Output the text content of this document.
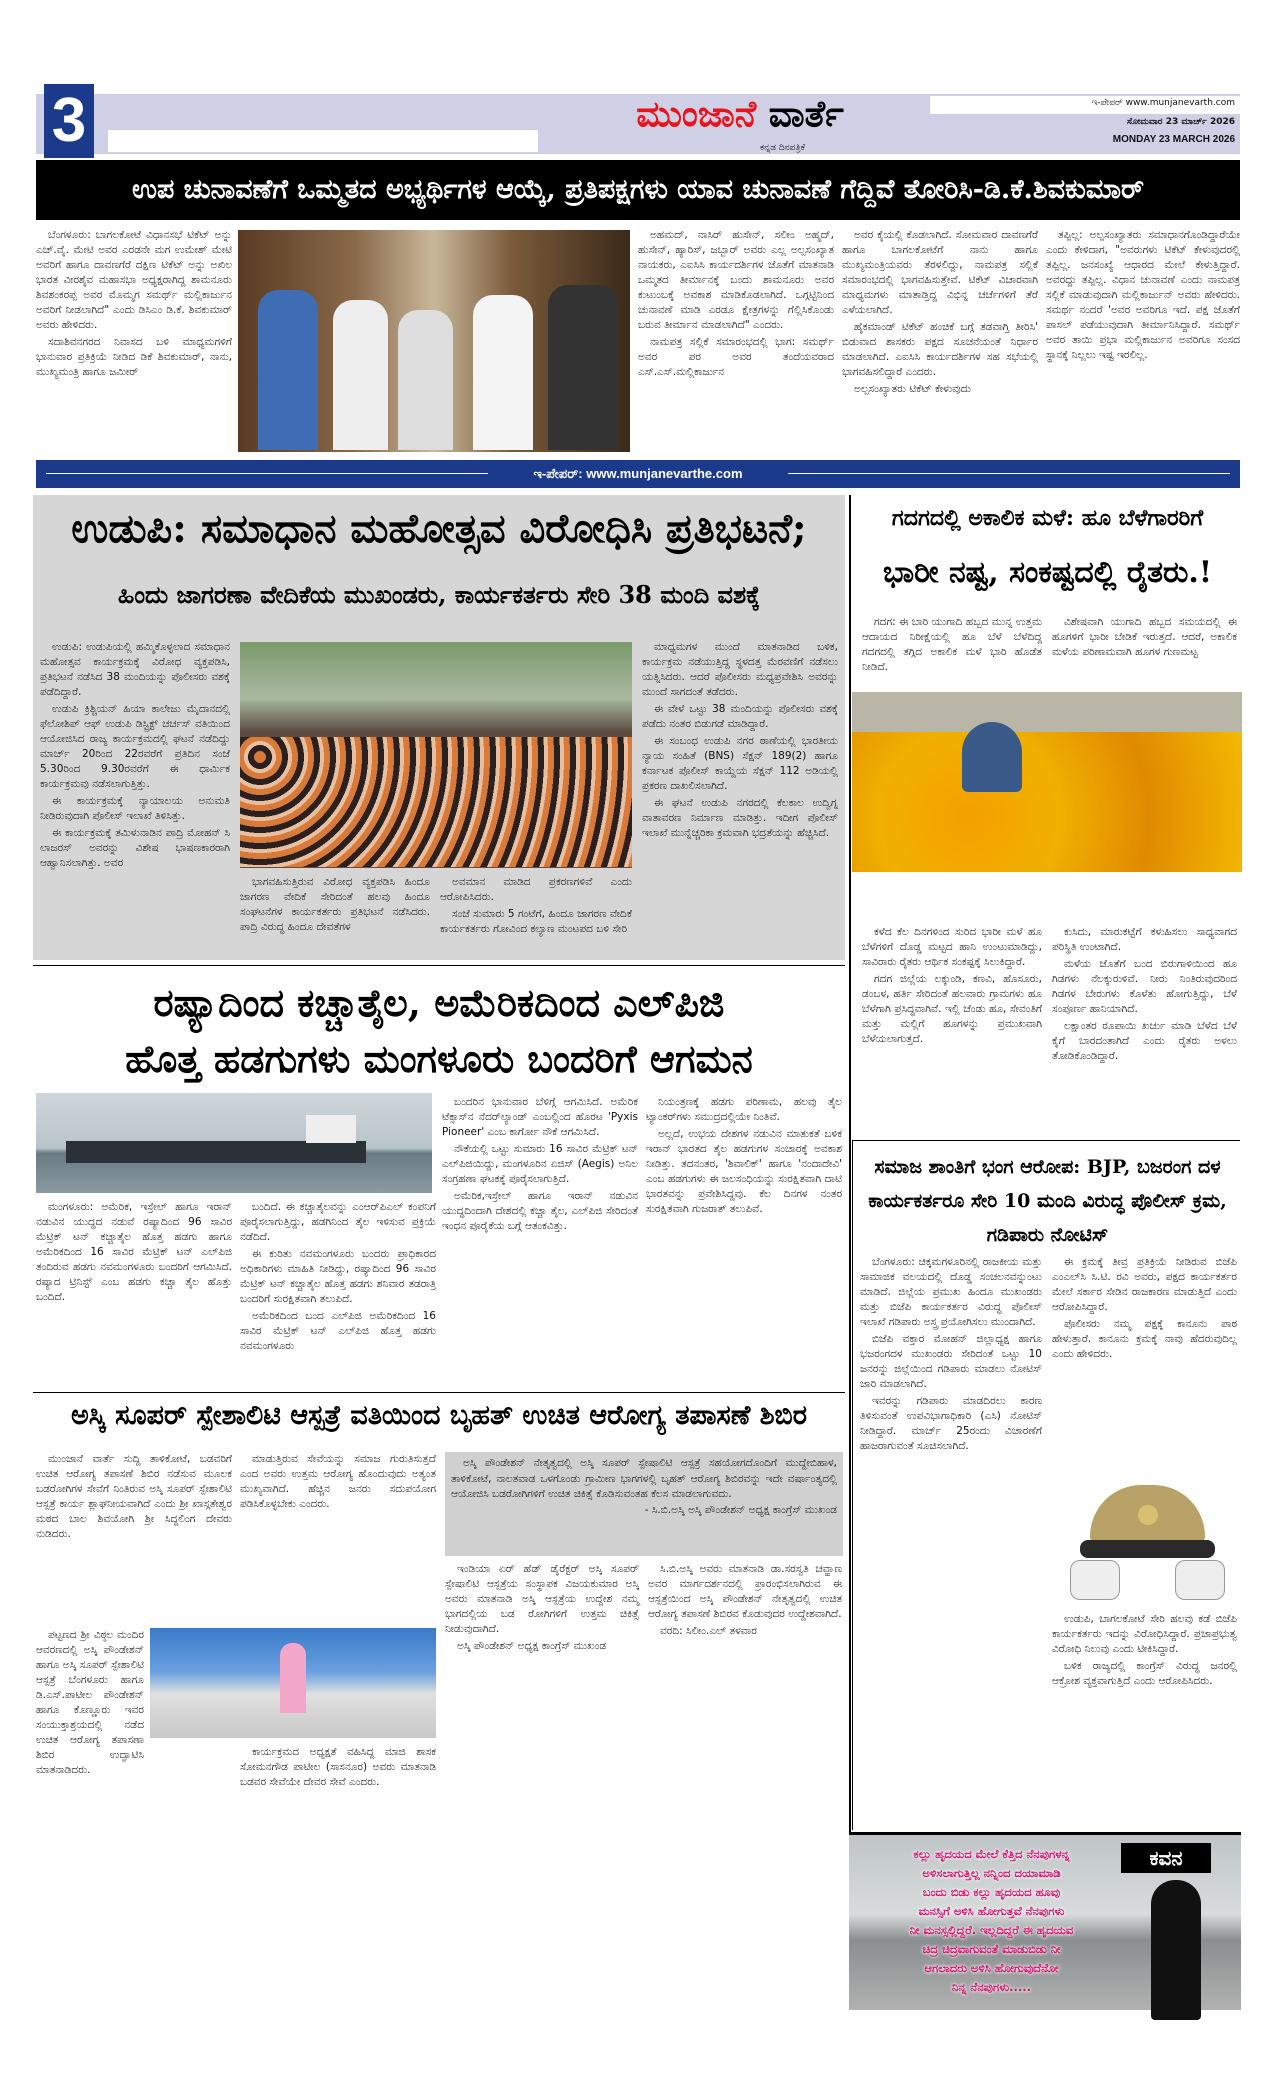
3	ಮುಂಜಾನೆ ವಾರ್ತೆ
ಕನ್ನಡ ದಿನಪತ್ರಿಕೆ
ಇ-ಪೇಪರ್ www.munjanevarth.com
ಸೋಮವಾರ 23 ಮಾರ್ಚ್ 2026
MONDAY 23 MARCH 2026
ಉಪ ಚುನಾವಣೆಗೆ ಒಮ್ಮತದ ಅಭ್ಯರ್ಥಿಗಳ ಆಯ್ಕೆ, ಪ್ರತಿಪಕ್ಷಗಳು ಯಾವ ಚುನಾವಣೆ ಗೆದ್ದಿವೆ ತೋರಿಸಿ-ಡಿ.ಕೆ.ಶಿವಕುಮಾರ್

ಬೆಂಗಳೂರು: ಬಾಗಲಕೋಟೆ ವಿಧಾನಸಭೆ ಟಿಕೆಟ್ ಅನ್ನು ಎಚ್.ವೈ. ಮೇಟಿ ಅವರ ಎರಡನೇ ಮಗ ಉಮೇಶ್ ಮೇಟಿ ಅವರಿಗೆ ಹಾಗೂ ದಾವಣಗೆರೆ ದಕ್ಷಿಣ ಟಿಕೆಟ್ ಅನ್ನು ಅಖಿಲ ಭಾರತ ವೀರಶೈವ ಮಹಾಸಭಾ ಅಧ್ಯಕ್ಷರಾಗಿದ್ದ ಶಾಮನೂರು ಶಿವಶಂಕರಪ್ಪ ಅವರ ಮೊಮ್ಮಗ ಸಮರ್ಥ್ ಮಲ್ಲಿಕಾರ್ಜುನ ಅವರಿಗೆ ನೀಡಲಾಗಿದೆ" ಎಂದು ಡಿಸಿಎಂ ಡಿ.ಕೆ. ಶಿವಕುಮಾರ್ ಅವರು ಹೇಳಿದರು.

ಸದಾಶಿವನಗರದ ನಿವಾಸದ ಬಳಿ ಮಾಧ್ಯಮಗಳಿಗೆ ಭಾನುವಾರ ಪ್ರತಿಕ್ರಿಯೆ ನೀಡಿದ ಡಿಕೆ ಶಿವಕುಮಾರ್, ನಾನು, ಮುಖ್ಯಮಂತ್ರಿ ಹಾಗೂ ಜಮೀರ್

ಅಹಮದ್, ನಾಸಿರ್ ಹುಸೇನ್, ಸಲೀಂ ಅಹ್ಮದ್, ಹುಸೇನ್, ಹ್ಯಾರಿಸ್, ಜಬ್ಬಾರ್ ಅವರು ಎಲ್ಲ ಅಲ್ಪಸಂಖ್ಯಾತ ನಾಯಕರು, ಎಐಸಿಸಿ ಕಾರ್ಯದರ್ಶಿಗಳ ಜೊತೆಗೆ ಮಾತನಾಡಿ ಒಮ್ಮತದ ತೀರ್ಮಾನಕ್ಕೆ ಬಂದು ಶಾಮನೂರು ಅವರ ಕುಟುಂಬಕ್ಕೆ ಅವಕಾಶ ಮಾಡಿಕೊಡಲಾಗಿದೆ. ಒಗ್ಗಟ್ಟಿನಿಂದ ಚುನಾವಣೆ ಮಾಡಿ ಎರಡೂ ಕ್ಷೇತ್ರಗಳನ್ನು ಗೆಲ್ಲಿಸಿಕೊಂಡು ಬರುವ ತೀರ್ಮಾನ ಮಾಡಲಾಗಿದೆ" ಎಂದರು.

ನಾಮಪತ್ರ ಸಲ್ಲಿಕೆ ಸಮಾರಂಭದಲ್ಲಿ ಭಾಗ: ಸಮರ್ಥ್ ಅವರ ಪರ ಅವರ ತಂದೆಯವರಾದ ಎಸ್.ಎಸ್.ಮಲ್ಲಿಕಾರ್ಜುನ

ಅವರ ಕೈಯಲ್ಲಿ ಕೊಡಲಾಗಿದೆ. ಸೋಮವಾರ ದಾವಣಗೆರೆ ಹಾಗೂ ಬಾಗಲಕೋಟೆಗೆ ನಾನು ಹಾಗೂ ಮುಖ್ಯಮಂತ್ರಿಯವರು ತೆರಳಲಿದ್ದು, ನಾಮಪತ್ರ ಸಲ್ಲಿಕೆ ಸಮಾರಂಭದಲ್ಲಿ ಭಾಗವಹಿಸುತ್ತೇವೆ. ಟಿಕೆಟ್ ವಿಚಾರವಾಗಿ ಮಾಧ್ಯಮಗಳು ಮಾತಾಡ್ತಿದ್ದ ವಿಭಿನ್ನ ಚರ್ಚೆಗಳಿಗೆ ತೆರೆ ಎಳೆಯಲಾಗಿದೆ.

ಹೈಕಮಾಂಡ್ ಟಿಕೆಟ್ ಹಂಚಿಕೆ ಬಗ್ಗೆ ತಡವಾಗ್ತಿ ತೀರಿಸಿ' ಬಿಡುವಾದ ಶಾಸಕರು ಪಕ್ಷದ ಸೂಚನೆಯಂತೆ ನಿರ್ಧಾರ ಮಾಡಲಾಗಿದೆ. ಎಐಸಿಸಿ ಕಾರ್ಯದರ್ಶಿಗಳ ಸಹ ಸಭೆಯಲ್ಲಿ ಭಾಗವಹಿಸಲಿದ್ದಾರೆ ಎಂದರು.

ಅಲ್ಪಸಂಖ್ಯಾತರು ಟಿಕೆಟ್ ಕೇಳುವುದು

ತಪ್ಪಿಲ್ಲ: ಅಲ್ಪಸಂಖ್ಯಾತರು ಸಮಾಧಾನಗೊಂಡಿದ್ದಾರೆಯೇ ಎಂದು ಕೇಳಿದಾಗ, "ಅವರುಗಳು ಟಿಕೆಟ್ ಕೇಳುವುದರಲ್ಲಿ ತಪ್ಪಿಲ್ಲ. ಜನಸಂಖ್ಯೆ ಆಧಾರದ ಮೇಲೆ ಕೇಳುತ್ತಿದ್ದಾರೆ. ಅವರದ್ದು ತಪ್ಪಿಲ್ಲ. ವಿಧಾನ ಚುನಾವಣೆ ಎಂದು ನಾಮಪತ್ರ ಸಲ್ಲಿಕೆ ಮಾಡುವುದಾಗಿ ಮಲ್ಲಿಕಾರ್ಜುನ್ ಅವರು ಹೇಳಿದರು. ಸಮರ್ಥ ನಂದರೆ 'ಅವರ ಅವರಿಗೂ ಇದೆ. ಪಕ್ಷ ಜೊತೆಗೆ ಪಾಸಲ್ ಪಡೆಯುವುದಾಗಿ ತೀರ್ಮಾನಿಸಿದ್ದಾರೆ. ಸಮರ್ಥ್ ಅವರ ತಾಯಿ ಪ್ರಭಾ ಮಲ್ಲಿಕಾರ್ಜುನ ಅವರಿಗೂ ಸಂಸದ ಸ್ಥಾನಕ್ಕೆ ನಿಲ್ಲಲು ಇಷ್ಟ ಇರಲಿಲ್ಲ.

ಇ-ಪೇಪರ್: www.munjanevarthe.com
ಉಡುಪಿ: ಸಮಾಧಾನ ಮಹೋತ್ಸವ ವಿರೋಧಿಸಿ ಪ್ರತಿಭಟನೆ;
ಹಿಂದು ಜಾಗರಣಾ ವೇದಿಕೆಯ ಮುಖಂಡರು, ಕಾರ್ಯಕರ್ತರು ಸೇರಿ 38 ಮಂದಿ ವಶಕ್ಕೆ

ಉಡುಪಿ: ಉಡುಪಿಯಲ್ಲಿ ಹಮ್ಮಿಕೊಳ್ಳಲಾದ ಸಮಾಧಾನ ಮಹೋತ್ಸವ ಕಾರ್ಯಕ್ರಮಕ್ಕೆ ವಿರೋಧ ವ್ಯಕ್ತಪಡಿಸಿ, ಪ್ರತಿಭಟನೆ ನಡೆಸಿದ 38 ಮಂದಿಯನ್ನು ಪೊಲೀಸರು ವಶಕ್ಕೆ ಪಡೆದಿದ್ದಾರೆ.

ಉಡುಪಿ ಕ್ರಿಶ್ಚಿಯನ್ ಹಿಯಾ ಕಾಲೇಜು ಮೈದಾನದಲ್ಲಿ ಫೆಲೋಶಿಪ್ ಆಫ್ ಉಡುಪಿ ಡಿಸ್ಟ್ರಿಕ್ಟ್ ಚರ್ಚಸ್ ವತಿಯಿಂದ ಆಯೋಜಿಸಿದ ರಾಜ್ಯ ಕಾರ್ಯಕ್ರಮದಲ್ಲಿ ಘಟನೆ ನಡೆದಿದ್ದು ಮಾರ್ಚ್ 20ರಿಂದ 22ರವರೆಗೆ ಪ್ರತಿದಿನ ಸಂಜೆ 5.30ರಿಂದ 9.30ರವರೆಗೆ ಈ ಧಾರ್ಮಿಕ ಕಾರ್ಯಕ್ರಮವು ನಡೆಸಲಾಗುತ್ತಿತ್ತು.

ಈ ಕಾರ್ಯಕ್ರಮಕ್ಕೆ ನ್ಯಾಯಾಲಯ ಅನುಮತಿ ನೀಡಿರುವುದಾಗಿ ಪೊಲೀಸ್ ಇಲಾಖೆ ತಿಳಿಸಿತ್ತು.

ಈ ಕಾರ್ಯಕ್ರಮಕ್ಕೆ ತಮಿಳುನಾಡಿನ ಪಾದ್ರಿ ಮೋಹನ್ ಸಿ ಲಾಜರಸ್ ಅವರನ್ನು ವಿಶೇಷ ಭಾಷಣಕಾರರಾಗಿ ಆಹ್ವಾನಿಸಲಾಗಿತ್ತು. ಅವರ

ಭಾಗವಹಿಸುತ್ತಿರುವ ವಿರೋಧ ವ್ಯಕ್ತಪಡಿಸಿ ಹಿಂದೂ ಜಾಗರಣ ವೇದಿಕೆ ಸೇರಿದಂತೆ ಹಲವು ಹಿಂದೂ ಸಂಘಟನೆಗಳ ಕಾರ್ಯಕರ್ತರು ಪ್ರತಿಭಟನೆ ನಡೆಸಿದರು. ಪಾದ್ರಿ ವಿರುದ್ಧ ಹಿಂದೂ ದೇವತೆಗಳ

ಅವಮಾನ ಮಾಡಿದ ಪ್ರಕರಣಗಳಿವೆ ಎಂದು ಆರೋಪಿಸಿದರು.

ಸಂಜೆ ಸುಮಾರು 5 ಗಂಟೆಗೆ, ಹಿಂದೂ ಜಾಗರಣ ವೇದಿಕೆ ಕಾರ್ಯಕರ್ತರು ಗೋವಿಂದ ಕಲ್ಯಾಣ ಮಂಟಪದ ಬಳಿ ಸೇರಿ

ಮಾಧ್ಯಮಗಳ ಮುಂದೆ ಮಾತನಾಡಿದ ಬಳಿಕ, ಕಾರ್ಯಕ್ರಮ ನಡೆಯುತ್ತಿದ್ದ ಸ್ಥಳದತ್ತ ಮೆರವಣಿಗೆ ನಡೆಸಲು ಯತ್ನಿಸಿದರು. ಆದರೆ ಪೊಲೀಸರು ಮಧ್ಯಪ್ರವೇಶಿಸಿ ಅವರನ್ನು ಮುಂದೆ ಸಾಗದಂತೆ ತಡೆದರು.

ಈ ವೇಳೆ ಒಟ್ಟು 38 ಮಂದಿಯನ್ನು ಪೊಲೀಸರು ವಶಕ್ಕೆ ಪಡೆದು ನಂತರ ಬಿಡುಗಡೆ ಮಾಡಿದ್ದಾರೆ.

ಈ ಸಂಬಂಧ ಉಡುಪಿ ನಗರ ಠಾಣೆಯಲ್ಲಿ ಭಾರತೀಯ ನ್ಯಾಯ ಸಂಹಿತೆ (BNS) ಸೆಕ್ಷನ್ 189(2) ಹಾಗೂ ಕರ್ನಾಟಕ ಪೊಲೀಸ್ ಕಾಯ್ದೆಯ ಸೆಕ್ಷನ್ 112 ಅಡಿಯಲ್ಲಿ ಪ್ರಕರಣ ದಾಖಲಿಸಲಾಗಿದೆ.

ಈ ಘಟನೆ ಉಡುಪಿ ನಗರದಲ್ಲಿ ಕೆಲಕಾಲ ಉದ್ವಿಗ್ನ ವಾತಾವರಣ ನಿರ್ಮಾಣ ಮಾಡಿತ್ತು. ಇದೀಗ ಪೊಲೀಸ್ ಇಲಾಖೆ ಮುನ್ನೆಚ್ಚರಿಕಾ ಕ್ರಮವಾಗಿ ಭದ್ರತೆಯನ್ನು ಹೆಚ್ಚಿಸಿದೆ.

ಗದಗದಲ್ಲಿ ಅಕಾಲಿಕ ಮಳೆ: ಹೂ ಬೆಳೆಗಾರರಿಗೆ
ಭಾರೀ ನಷ್ಟ, ಸಂಕಷ್ಟದಲ್ಲಿ ರೈತರು.!

ಗದಗ: ಈ ಬಾರಿ ಯುಗಾದಿ ಹಬ್ಬದ ಮುನ್ನ ಉತ್ತಮ ಆದಾಯದ ನಿರೀಕ್ಷೆಯಲ್ಲಿ ಹೂ ಬೆಳೆ ಬೆಳೆದಿದ್ದ ಗದಗದಲ್ಲಿ ತಗ್ಗಿದ ಅಕಾಲಿಕ ಮಳೆ ಭಾರಿ ಹೊಡೆತ ನೀಡಿದೆ.

ವಿಶೇಷವಾಗಿ ಯುಗಾದಿ ಹಬ್ಬದ ಸಮಯದಲ್ಲಿ ಈ ಹೂಗಳಿಗೆ ಭಾರೀ ಬೇಡಿಕೆ ಇರುತ್ತದೆ. ಆದರೆ, ಅಕಾಲಿಕ ಮಳೆಯ ಪರಿಣಾಮವಾಗಿ ಹೂಗಳ ಗುಣಮಟ್ಟ

ಕಳೆದ ಕೆಲ ದಿನಗಳಿಂದ ಸುರಿದ ಭಾರೀ ಮಳೆ ಹೂ ಬೆಳೆಗಳಿಗೆ ದೊಡ್ಡ ಮಟ್ಟದ ಹಾನಿ ಉಂಟುಮಾಡಿದ್ದು, ಸಾವಿರಾರು ರೈತರು ಆರ್ಥಿಕ ಸಂಕಷ್ಟಕ್ಕೆ ಸಿಲುಕಿದ್ದಾರೆ.

ಗದಗ ಜಿಲ್ಲೆಯ ಲಕ್ಕುಂಡಿ, ಕಣವಿ, ಹೊಸೂರು, ಡಂಬಳ, ಹರ್ತಿ ಸೇರಿದಂತೆ ಹಲವಾರು ಗ್ರಾಮಗಳು ಹೂ ಬೆಳೆಗಾಗಿ ಪ್ರಸಿದ್ಧವಾಗಿವೆ. ಇಲ್ಲಿ ಚೆಂಡು ಹೂ, ಸೇವಂತಿಗೆ ಮತ್ತು ಮಲ್ಲಿಗೆ ಹೂಗಳನ್ನು ಪ್ರಮುಖವಾಗಿ ಬೆಳೆಯಲಾಗುತ್ತದೆ.

ಕುಸಿದು, ಮಾರುಕಟ್ಟೆಗೆ ಕಳುಹಿಸಲು ಸಾಧ್ಯವಾಗದ ಪರಿಸ್ಥಿತಿ ಉಂಟಾಗಿದೆ.

ಮಳೆಯ ಜೊತೆಗೆ ಬಂದ ಬಿರುಗಾಳಿಯಿಂದ ಹೂ ಗಿಡಗಳು ನೆಲಕ್ಕುರುಳಿವೆ. ನೀರು ನಿಂತಿರುವುದರಿಂದ ಗಿಡಗಳ ಬೇರುಗಳು ಕೊಳೆತು ಹೋಗುತ್ತಿದ್ದು, ಬೆಳೆ ಸಂಪೂರ್ಣ ಹಾನಿಯಾಗಿದೆ.

ಲಕ್ಷಾಂತರ ರೂಪಾಯಿ ಖರ್ಚು ಮಾಡಿ ಬೆಳೆದ ಬೆಳೆ ಕೈಗೆ ಬಾರದಂತಾಗಿದೆ ಎಂದು ರೈತರು ಅಳಲು ತೋಡಿಕೊಂಡಿದ್ದಾರೆ.

ರಷ್ಯಾದಿಂದ ಕಚ್ಚಾತೈಲ, ಅಮೆರಿಕದಿಂದ ಎಲ್‌ಪಿಜಿ
ಹೊತ್ತ ಹಡಗುಗಳು ಮಂಗಳೂರು ಬಂದರಿಗೆ ಆಗಮನ

ಮಂಗಳೂರು: ಅಮೆರಿಕ, ಇಸ್ರೇಲ್ ಹಾಗೂ ಇರಾನ್ ನಡುವಿನ ಯುದ್ಧದ ನಡುವೆ ರಷ್ಯಾದಿಂದ 96 ಸಾವಿರ ಮೆಟ್ರಿಕ್ ಟನ್ ಕಚ್ಚಾತೈಲ ಹೊತ್ತ ಹಡಗು ಹಾಗೂ ಅಮೆರಿಕದಿಂದ 16 ಸಾವಿರ ಮೆಟ್ರಿಕ್ ಟನ್ ಎಲ್‌ಪಿಜಿ ತಂದಿರುವ ಹಡಗು ನವಮಂಗಳೂರು ಬಂದರಿಗೆ ಆಗಮಿಸಿದೆ. ರಷ್ಯಾದ ಟ್ರಿನಿಸ್ಟ್ ಎಂಬ ಹಡಗು ಕಚ್ಚಾ ತೈಲ ಹೊತ್ತು ಬಂದಿದೆ.

ಬಂದಿದೆ. ಈ ಕಚ್ಚಾತೈಲವನ್ನು ಎಂಆರ್‌ಪಿಎಲ್ ಕಂಪನಿಗೆ ಪೂರೈಸಲಾಗುತ್ತಿದ್ದು, ಹಡಗಿನಿಂದ ತೈಲ ಇಳಿಸುವ ಪ್ರಕ್ರಿಯೆ ನಡೆದಿದೆ.

ಈ ಕುರಿತು ನವಮಂಗಳೂರು ಬಂದರು ಪ್ರಾಧಿಕಾರದ ಅಧಿಕಾರಿಗಳು ಮಾಹಿತಿ ನೀಡಿದ್ದು, ರಷ್ಯಾದಿಂದ 96 ಸಾವಿರ ಮೆಟ್ರಿಕ್ ಟನ್ ಕಚ್ಚಾತೈಲ ಹೊತ್ತ ಹಡಗು ಶನಿವಾರ ತಡರಾತ್ರಿ ಬಂದರಿಗೆ ಸುರಕ್ಷಿತವಾಗಿ ತಲುಪಿದೆ.

ಅಮೆರಿಕದಿಂದ ಬಂದ ಎಲ್‌ಪಿಜಿ ಅಮೆರಿಕದಿಂದ 16 ಸಾವಿರ ಮೆಟ್ರಿಕ್ ಟನ್ ಎಲ್‌ಪಿಜಿ ಹೊತ್ತ ಹಡಗು ನವಮಂಗಳೂರು

ಬಂದರಿನ ಭಾನುವಾರ ಬೆಳಿಗ್ಗೆ ಆಗಮಿಸಿದೆ. ಅಮೆರಿಕ ಟೆಕ್ಸಾಸ್‌ನ ನೆದರ್‌ಲ್ಯಾಂಡ್ ಎಂಬಲ್ಲಿಂದ ಹೊರಟ 'Pyxis Pioneer' ಎಂಬ ಕಾರ್ಗೋ ನೌಕೆ ಆಗಮಿಸಿದೆ.

ನೌಕೆಯಲ್ಲಿ ಒಟ್ಟು ಸುಮಾರು 16 ಸಾವಿರ ಮೆಟ್ರಿಕ್ ಟನ್ ಎಲ್‌ಪಿಜಿಯಿದ್ದು, ಮಂಗಳೂರಿನ ಏಜಿಸ್ (Aegis) ಅನಿಲ ಸಂಗ್ರಹಣಾ ಘಟಕಕ್ಕೆ ಪೂರೈಸಲಾಗುತ್ತಿದೆ.

ಅಮೆರಿಕ,ಇಸ್ರೇಲ್ ಹಾಗೂ ಇರಾನ್ ನಡುವಿನ ಯುದ್ಧದಿಂದಾಗಿ ದೇಶದಲ್ಲಿ ಕಚ್ಚಾ ತೈಲ, ಎಲ್‌ಪಿಜಿ ಸೇರಿದಂತೆ ಇಂಧನ ಪೂರೈಕೆಯ ಬಗ್ಗೆ ಆತಂಕವಿತ್ತು.

ನಿಯಂತ್ರಣಕ್ಕೆ ಹಡಗು ಪರಿಣಾಮ, ಹಲವು ತೈಲ ಟ್ಯಾಂಕರ್‌ಗಳು ಸಮುದ್ರದಲ್ಲಿಯೇ ನಿಂತಿವೆ.

ಅಲ್ಲದೆ, ಉಭಯ ದೇಶಗಳ ನಡುವಿನ ಮಾತುಕತೆ ಬಳಿಕ ಇರಾನ್ ಭಾರತದ ತೈಲ ಹಡಗುಗಳ ಸಂಚಾರಕ್ಕೆ ಅವಕಾಶ ನೀಡಿತ್ತು. ತದನಂತರ, 'ಶಿವಾಲಿಕ್' ಹಾಗೂ 'ನಂದಾದೇವಿ' ಎಂಬ ಹಡಗುಗಳು ಈ ಜಲಸಂಧಿಯನ್ನು ಸುರಕ್ಷಿತವಾಗಿ ದಾಟಿ ಭಾರತವನ್ನು ಪ್ರವೇಶಿಸಿದ್ದವು. ಕೆಲ ದಿನಗಳ ನಂತರ ಸುರಕ್ಷಿತವಾಗಿ ಗುಜರಾತ್ ತಲುಪಿವೆ.

ಸಮಾಜ ಶಾಂತಿಗೆ ಭಂಗ ಆರೋಪ: BJP, ಬಜರಂಗ ದಳ ಕಾರ್ಯಕರ್ತರೂ ಸೇರಿ 10 ಮಂದಿ ವಿರುದ್ಧ ಪೊಲೀಸ್ ಕ್ರಮ, ಗಡಿಪಾರು ನೋಟಿಸ್

ಬೆಂಗಳೂರು: ಚಿಕ್ಕಮಗಳೂರಿನಲ್ಲಿ ರಾಜಕೀಯ ಮತ್ತು ಸಾಮಾಜಿಕ ವಲಯದಲ್ಲಿ ದೊಡ್ಡ ಸಂಚಲನವನ್ನುಂಟು ಮಾಡಿದೆ. ಜಿಲ್ಲೆಯ ಪ್ರಮುಖ ಹಿಂದೂ ಮುಖಂಡರು ಮತ್ತು ಬಿಜೆಪಿ ಕಾರ್ಯಕರ್ತರ ವಿರುದ್ಧ ಪೊಲೀಸ್ ಇಲಾಖೆ ಗಡಿಪಾರು ಅಸ್ತ್ರ ಪ್ರಯೋಗಿಸಲು ಮುಂದಾಗಿದೆ.

ಬಿಜೆಪಿ ವಕ್ತಾರ ಮೋಹನ್ ಜಿಲ್ಲಾಧ್ಯಕ್ಷ ಹಾಗೂ ಭಜರಂಗದಳ ಮುಖಂಡರು ಸೇರಿದಂತೆ ಒಟ್ಟು 10 ಜನರನ್ನು ಜಿಲ್ಲೆಯಿಂದ ಗಡಿಪಾರು ಮಾಡಲು ನೋಟಿಸ್ ಜಾರಿ ಮಾಡಲಾಗಿದೆ.

ಇವರನ್ನು ಗಡಿಪಾರು ಮಾಡದಿರಲು ಕಾರಣ ತಿಳಿಸುವಂತೆ ಉಪವಿಭಾಗಾಧಿಕಾರಿ (ಎಸಿ) ನೋಟಿಸ್ ನೀಡಿದ್ದಾರೆ. ಮಾರ್ಚ್ 25ರಂದು ವಿಚಾರಣೆಗೆ ಹಾಜರಾಗುವಂತೆ ಸೂಚಿಸಲಾಗಿದೆ.

ಈ ಕ್ರಮಕ್ಕೆ ತೀವ್ರ ಪ್ರತಿಕ್ರಿಯೆ ನೀಡಿರುವ ಬಿಜೆಪಿ ಎಂಎಲ್‌ಸಿ ಸಿ.ಟಿ. ರವಿ ಅವರು, ಪಕ್ಷದ ಕಾರ್ಯಕರ್ತರ ಮೇಲೆ ಸರ್ಕಾರ ಸೇಡಿನ ರಾಜಕಾರಣ ಮಾಡುತ್ತಿದೆ ಎಂದು ಆರೋಪಿಸಿದ್ದಾರೆ.

ಪೊಲೀಸರು ನಮ್ಮ ಪಕ್ಷಕ್ಕೆ ಕಾನೂನು ಪಾಠ ಹೇಳುತ್ತಾರೆ. ಕಾನೂನು ಕ್ರಮಕ್ಕೆ ನಾವು ಹೆದರುವುದಿಲ್ಲ ಎಂದು ಹೇಳಿದರು.

ಉಡುಪಿ, ಬಾಗಲಕೋಟೆ ಸೇರಿ ಹಲವು ಕಡೆ ಬಿಜೆಪಿ ಕಾರ್ಯಕರ್ತರು ಇದನ್ನು ವಿರೋಧಿಸಿದ್ದಾರೆ. ಪ್ರಜಾಪ್ರಭುತ್ವ ವಿರೋಧಿ ನಿಲುವು ಎಂದು ಟೀಕಿಸಿದ್ದಾರೆ.

ಬಳಿಕ ರಾಜ್ಯದಲ್ಲಿ ಕಾಂಗ್ರೆಸ್ ವಿರುದ್ಧ ಜನರಲ್ಲಿ ಆಕ್ರೋಶ ವ್ಯಕ್ತವಾಗುತ್ತಿದೆ ಎಂದು ಆರೋಪಿಸಿದರು.

ಅಸ್ಕಿ ಸೂಪರ್ ಸ್ಪೇಶಾಲಿಟಿ ಆಸ್ಪತ್ರೆ ವತಿಯಿಂದ ಬೃಹತ್ ಉಚಿತ ಆರೋಗ್ಯ ತಪಾಸಣೆ ಶಿಬಿರ

ಮುಂಜಾನೆ ವಾರ್ತೆ ಸುದ್ದಿ ತಾಳಿಕೋಟೆ, ಬಡವರಿಗೆ ಉಚಿತ ಆರೋಗ್ಯ ತಪಾಸಣೆ ಶಿಬಿರ ನಡೆಸುವ ಮೂಲಕ ಬಡರೋಗಿಗಳ ಸೇವೆಗೆ ನಿಂತಿರುವ ಅಸ್ಕಿ ಸೂಪರ್ ಸ್ಪೇಶಾಲಿಟಿ ಆಸ್ಪತ್ರೆ ಕಾರ್ಯ ಶ್ಲಾಘನೀಯವಾಗಿದೆ ಎಂದು ಶ್ರೀ ಖಾಸ್ಗತೇಶ್ವರ ಮಠದ ಬಾಲ ಶಿವಯೋಗಿ ಶ್ರೀ ಸಿದ್ದಲಿಂಗ ದೇವರು ನುಡಿದರು.

ಮಾಡುತ್ತಿರುವ ಸೇವೆಯನ್ನು ಸಮಾಜ ಗುರುತಿಸುತ್ತದೆ ಎಂದ ಅವರು ಉತ್ತಮ ಆರೋಗ್ಯ ಹೊಂದುವುದು ಅತ್ಯಂತ ಮುಖ್ಯವಾಗಿದೆ. ಹೆಚ್ಚಿನ ಜನರು ಸದುಪಯೋಗ ಪಡಿಸಿಕೊಳ್ಳಬೇಕು ಎಂದರು.

ಅಸ್ಕಿ ಪೌಂಡೇಶನ್ ನೇತೃತ್ವದಲ್ಲಿ ಅಸ್ಕಿ ಸೂಪರ್ ಸ್ಪೇಷಾಲಿಟಿ ಆಸ್ಪತ್ರೆ ಸಹಯೋಗದೊಂದಿಗೆ ಮುದ್ದೇಬಿಹಾಳ, ತಾಳಿಕೋಟೆ, ನಾಲತವಾಡ ಒಳಗೊಂಡು ಗ್ರಾಮೀಣ ಭಾಗಗಳಲ್ಲಿ ಬೃಹತ್ ಆರೋಗ್ಯ ಶಿಬಿರವನ್ನು ಇದೇ ವರ್ಷಾಂತ್ಯದಲ್ಲಿ ಆಯೋಜಿಸಿ ಬಡರೋಗಿಗಳಿಗೆ ಉಚಿತ ಚಿಕಿತ್ಸೆ ಕೊಡಿಸುವಂತಹ ಕೆಲಸ ಮಾಡಲಾಗುವದು.
- ಸಿ.ಬಿ.ಅಸ್ಕಿ ಅಸ್ಕಿ ಪೌಂಡೇಶನ್ ಅಧ್ಯಕ್ಷ ಕಾಂಗ್ರೆಸ್ ಮುಖಂಡ

ಇಂಡಿಯಾ ಏರ್ ಹೆಡ್ ಡೈರೆಕ್ಟರ್ ಅಸ್ಕಿ ಸೂಪರ್ ಸ್ಪೇಷಾಲಿಟಿ ಆಸ್ಪತ್ರೆಯ ಸಂಸ್ಥಾಪಕ ವಿಜಯಕುಮಾರ ಅಸ್ಕಿ ಅವರು ಮಾತನಾಡಿ ಅಸ್ಕಿ ಆಸ್ಪತ್ರೆಯ ಉದ್ದೇಶ ನಮ್ಮ ಭಾಗದಲ್ಲಿಯ ಬಡ ರೋಗಿಗಳಿಗೆ ಉತ್ತಮ ಚಿಕಿತ್ಸೆ ನೀಡುವುದಾಗಿದೆ.

ಅಸ್ಕಿ ಪೌಂಡೇಶನ್ ಅಧ್ಯಕ್ಷ ಕಾಂಗ್ರೆಸ್ ಮುಖಂಡ

ಸಿ.ಬಿ.ಅಸ್ಕಿ ಅವರು ಮಾತನಾಡಿ ಡಾ.ಸರಸ್ವತಿ ಚವ್ಹಾಣ ಅವರ ಮಾರ್ಗದರ್ಶನದಲ್ಲಿ ಪ್ರಾರಂಭಿಸಲಾಗಿರುವ ಈ ಆಸ್ಪತ್ರೆಯಿಂದ ಅಸ್ಕಿ ಪೌಂಡೇಶನ್ ನೇತೃತ್ವದಲ್ಲಿ ಉಚಿತ ಆರೋಗ್ಯ ತಪಾಸಣೆ ಶಿಬಿರವ ಕೊಡುವುದರ ಉದ್ದೇಶವಾಗಿದೆ.

ವರದಿ: ಸಿಲೀಂ.ಎಲ್ ತಳವಾರ

ಪಟ್ಟಣದ ಶ್ರೀ ವಿಠ್ಠಲ ಮಂದಿರ ಆವರಣದಲ್ಲಿ ಅಸ್ಕಿ ಪೌಂಡೇಶನ್ ಹಾಗೂ ಅಸ್ಕಿ ಸೂಪರ್ ಸ್ಪೇಶಾಲಿಟಿ ಆಸ್ಪತ್ರೆ ಬೆಂಗಳೂರು ಹಾಗೂ ಡಿ.ಎಸ್.ಪಾಟೀಲ ಪೌಂಡೇಶನ್ ಹಾಗೂ ಕೊಣ್ಣೂರು ಇವರ ಸಂಯುಕ್ತಾಶ್ರಯದಲ್ಲಿ ನಡೆದ ಉಚಿತ ಆರೋಗ್ಯ ತಪಾಸಣಾ ಶಿಬಿರ ಉದ್ಘಾಟಿಸಿ ಮಾತನಾಡಿದರು.

ಕಾರ್ಯಕ್ರಮದ ಅಧ್ಯಕ್ಷತೆ ವಹಿಸಿದ್ದ ಮಾಜಿ ಶಾಸಕ ಸೋಮನಗೌಡ ಪಾಟೀಲ (ಸಾಸನೂರ) ಅವರು ಮಾತನಾಡಿ ಬಡವರ ಸೇವೆಯೇ ದೇವರ ಸೇವೆ ಎಂದರು.

ಕವನ
ಕಲ್ಲು ಹೃದಯದ ಮೇಲೆ ಕೆತ್ತಿದ ನೆನಪುಗಳನ್ನ
ಅಳಿಸಲಾಗುತ್ತಿಲ್ಲ ನನ್ನಿಂದ ದಯಾಮಾಡಿ
ಬಂದು ಬಿಡು ಕಲ್ಲು ಹೃದಯದ ಹೂವು
ಮನಸ್ಸಿಗೆ ಅಳಿಸಿ ಹೋಗುತ್ತವೆ ನೆನಪುಗಳು
ನೀ ಮನಸ್ಸಲ್ಲಿದ್ದರೆ. ಇಲ್ಲದಿದ್ದರೆ ಈ ಹೃದಯವ
ಚಿದ್ರ ಚಿದ್ರವಾಗುವಂತೆ ಮಾಡುಬಿಡು ನೀ
ಆಗಲಾದರು ಅಳಿಸಿ ಹೋಗುವುದೆನೋ
ನಿನ್ನ ನೆನಪುಗಳು.....
